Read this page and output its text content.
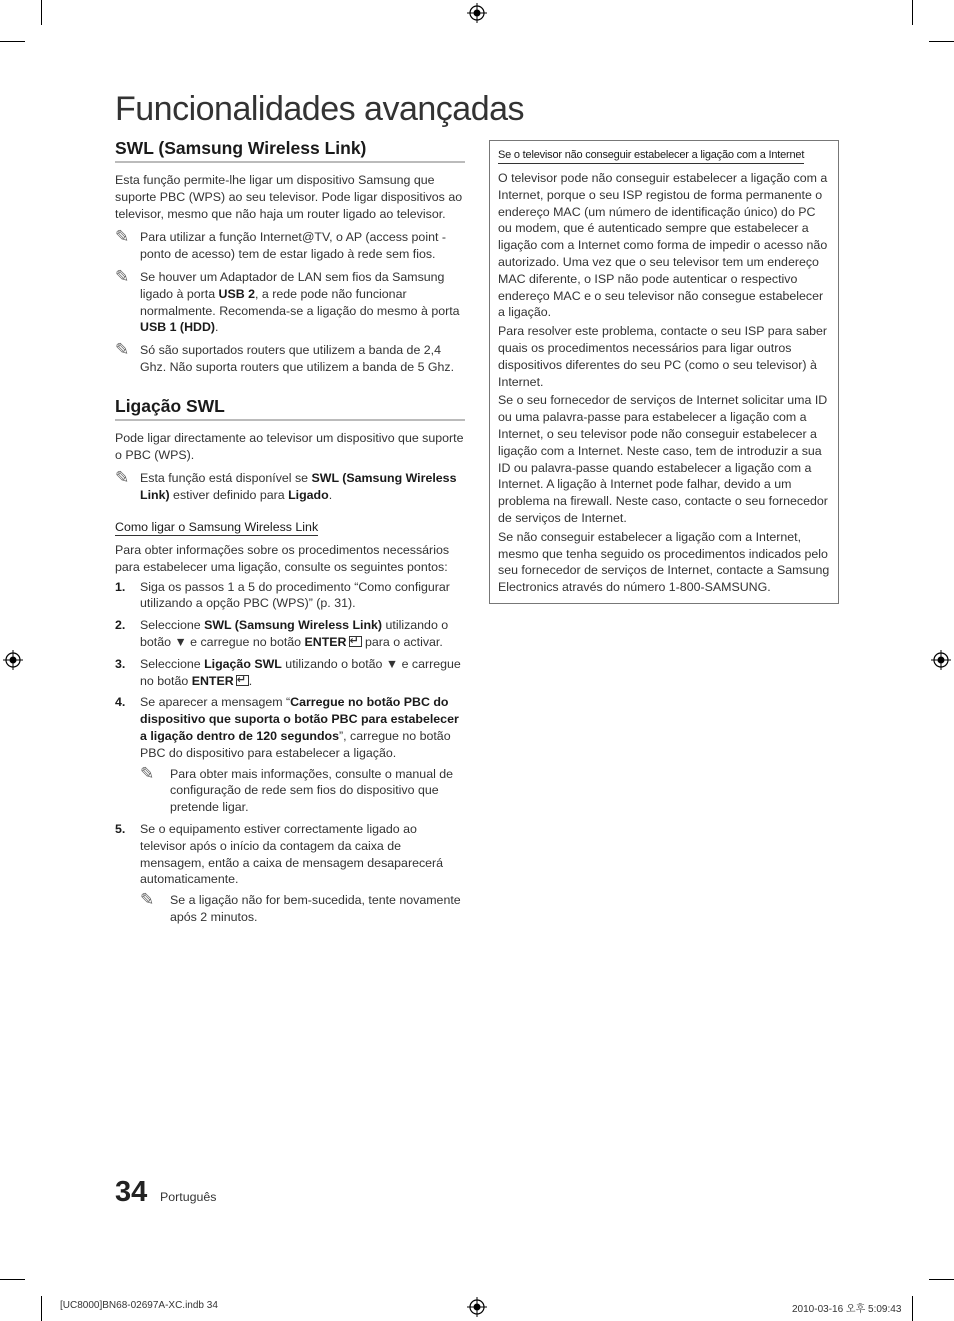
Funcionalidades avançadas
SWL (Samsung Wireless Link)

Esta função permite-lhe ligar um dispositivo Samsung que suporte PBC (WPS) ao seu televisor. Pode ligar dispositivos ao televisor, mesmo que não haja um router ligado ao televisor.

✎ Para utilizar a função Internet@TV, o AP (access point - ponto de acesso) tem de estar ligado à rede sem fios.
✎ Se houver um Adaptador de LAN sem fios da Samsung ligado à porta USB 2, a rede pode não funcionar normalmente. Recomenda-se a ligação do mesmo à porta USB 1 (HDD).
✎ Só são suportados routers que utilizem a banda de 2,4 Ghz. Não suporta routers que utilizem a banda de 5 Ghz.
Ligação SWL

Pode ligar directamente ao televisor um dispositivo que suporte o PBC (WPS).

✎ Esta função está disponível se SWL (Samsung Wireless Link) estiver definido para Ligado.
Como ligar o Samsung Wireless Link

Para obter informações sobre os procedimentos necessários para estabelecer uma ligação, consulte os seguintes pontos:

1. Siga os passos 1 a 5 do procedimento “Como configurar utilizando a opção PBC (WPS)” (p. 31).
2. Seleccione SWL (Samsung Wireless Link) utilizando o botão ▼ e carregue no botão ENTER↵ para o activar.
3. Seleccione Ligação SWL utilizando o botão ▼ e carregue no botão ENTER↵ .
4. Se aparecer a mensagem “Carregue no botão PBC do dispositivo que suporta o botão PBC para estabelecer a ligação dentro de 120 segundos”, carregue no botão PBC do dispositivo para estabelecer a ligação.
✎ Para obter mais informações, consulte o manual de configuração de rede sem fios do dispositivo que pretende ligar.
5. Se o equipamento estiver correctamente ligado ao televisor após o início da contagem da caixa de mensagem, então a caixa de mensagem desaparecerá automaticamente.
✎ Se a ligação não for bem-sucedida, tente novamente após 2 minutos.
Se o televisor não conseguir estabelecer a ligação com a Internet

O televisor pode não conseguir estabelecer a ligação com a Internet, porque o seu ISP registou de forma permanente o endereço MAC (um número de identificação único) do PC ou modem, que é autenticado sempre que estabelecer a ligação com a Internet como forma de impedir o acesso não autorizado. Uma vez que o seu televisor tem um endereço MAC diferente, o ISP não pode autenticar o respectivo endereço MAC e o seu televisor não consegue estabelecer a ligação.

Para resolver este problema, contacte o seu ISP para saber quais os procedimentos necessários para ligar outros dispositivos diferentes do seu PC (como o seu televisor) à Internet.

Se o seu fornecedor de serviços de Internet solicitar uma ID ou uma palavra-passe para estabelecer a ligação com a Internet, o seu televisor pode não conseguir estabelecer a ligação com a Internet. Neste caso, tem de introduzir a sua ID ou palavra-passe quando estabelecer a ligação com a Internet. A ligação à Internet pode falhar, devido a um problema na firewall. Neste caso, contacte o seu fornecedor de serviços de Internet.

Se não conseguir estabelecer a ligação com a Internet, mesmo que tenha seguido os procedimentos indicados pelo seu fornecedor de serviços de Internet, contacte a Samsung Electronics através do número 1-800-SAMSUNG.

34 Português
[UC8000]BN68-02697A-XC.indb 34	2010-03-16 오후 5:09:43
